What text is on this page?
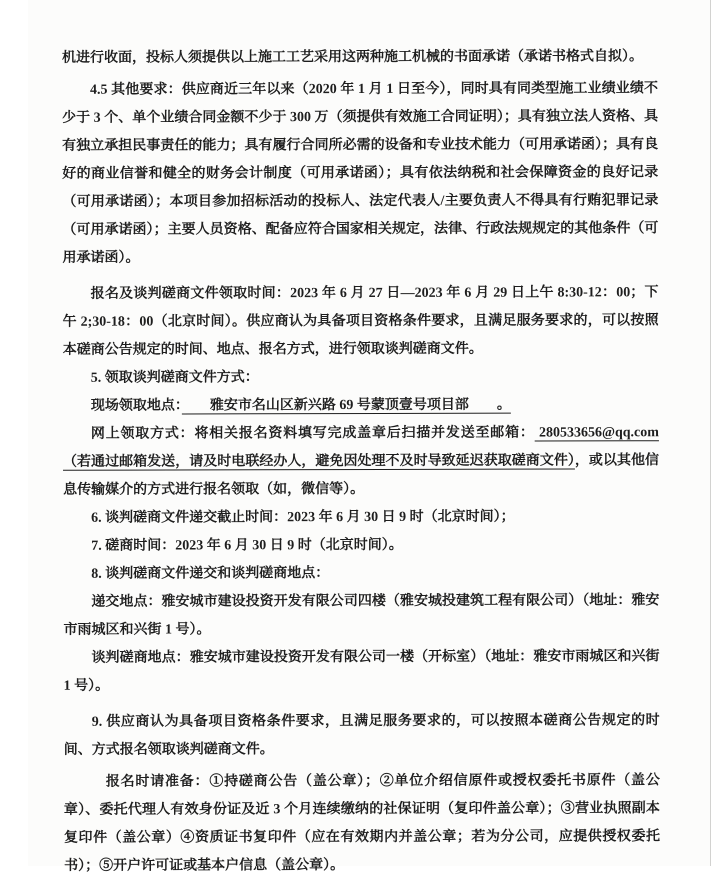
机进行收面，投标人须提供以上施工工艺采用这两种施工机械的书面承诺（承诺书格式自拟）。

4.5 其他要求：供应商近三年以来（2020 年 1 月 1 日至今），同时具有同类型施工业绩业绩不少于 3 个、单个业绩合同金额不少于 300 万（须提供有效施工合同证明）；具有独立法人资格、具有独立承担民事责任的能力；具有履行合同所必需的设备和专业技术能力（可用承诺函）；具有良好的商业信誉和健全的财务会计制度（可用承诺函）；具有依法纳税和社会保障资金的良好记录（可用承诺函）；本项目参加招标活动的投标人、法定代表人/主要负责人不得具有行贿犯罪记录（可用承诺函）；主要人员资格、配备应符合国家相关规定，法律、行政法规规定的其他条件（可用承诺函）。

报名及谈判磋商文件领取时间：2023 年 6 月 27 日—2023 年 6 月 29 日上午 8:30-12：00；下午 2;30-18：00（北京时间）。供应商认为具备项目资格条件要求，且满足服务要求的，可以按照本磋商公告规定的时间、地点、报名方式，进行领取谈判磋商文件。

5. 领取谈判磋商文件方式：

现场领取地点：　　雅安市名山区新兴路 69 号蒙顶壹号项目部　　。

网上领取方式：将相关报名资料填写完成盖章后扫描并发送至邮箱： 280533656@qq.com （若通过邮箱发送，请及时电联经办人，避免因处理不及时导致延迟获取磋商文件），或以其他信息传输媒介的方式进行报名领取（如，微信等）。

6. 谈判磋商文件递交截止时间：2023 年 6 月 30 日 9 时（北京时间）；

7. 磋商时间：2023 年 6 月 30 日 9 时（北京时间）。

8. 谈判磋商文件递交和谈判磋商地点：

递交地点：雅安城市建设投资开发有限公司四楼（雅安城投建筑工程有限公司）（地址：雅安市雨城区和兴街 1 号）。

谈判磋商地点：雅安城市建设投资开发有限公司一楼（开标室）（地址：雅安市雨城区和兴街 1 号）。

9. 供应商认为具备项目资格条件要求，且满足服务要求的，可以按照本磋商公告规定的时间、方式报名领取谈判磋商文件。

报名时请准备：①持磋商公告（盖公章）；②单位介绍信原件或授权委托书原件（盖公章）、委托代理人有效身份证及近 3 个月连续缴纳的社保证明（复印件盖公章）；③营业执照副本复印件（盖公章）④资质证书复印件（应在有效期内并盖公章；若为分公司，应提供授权委托书）；⑤开户许可证或基本户信息（盖公章）。
